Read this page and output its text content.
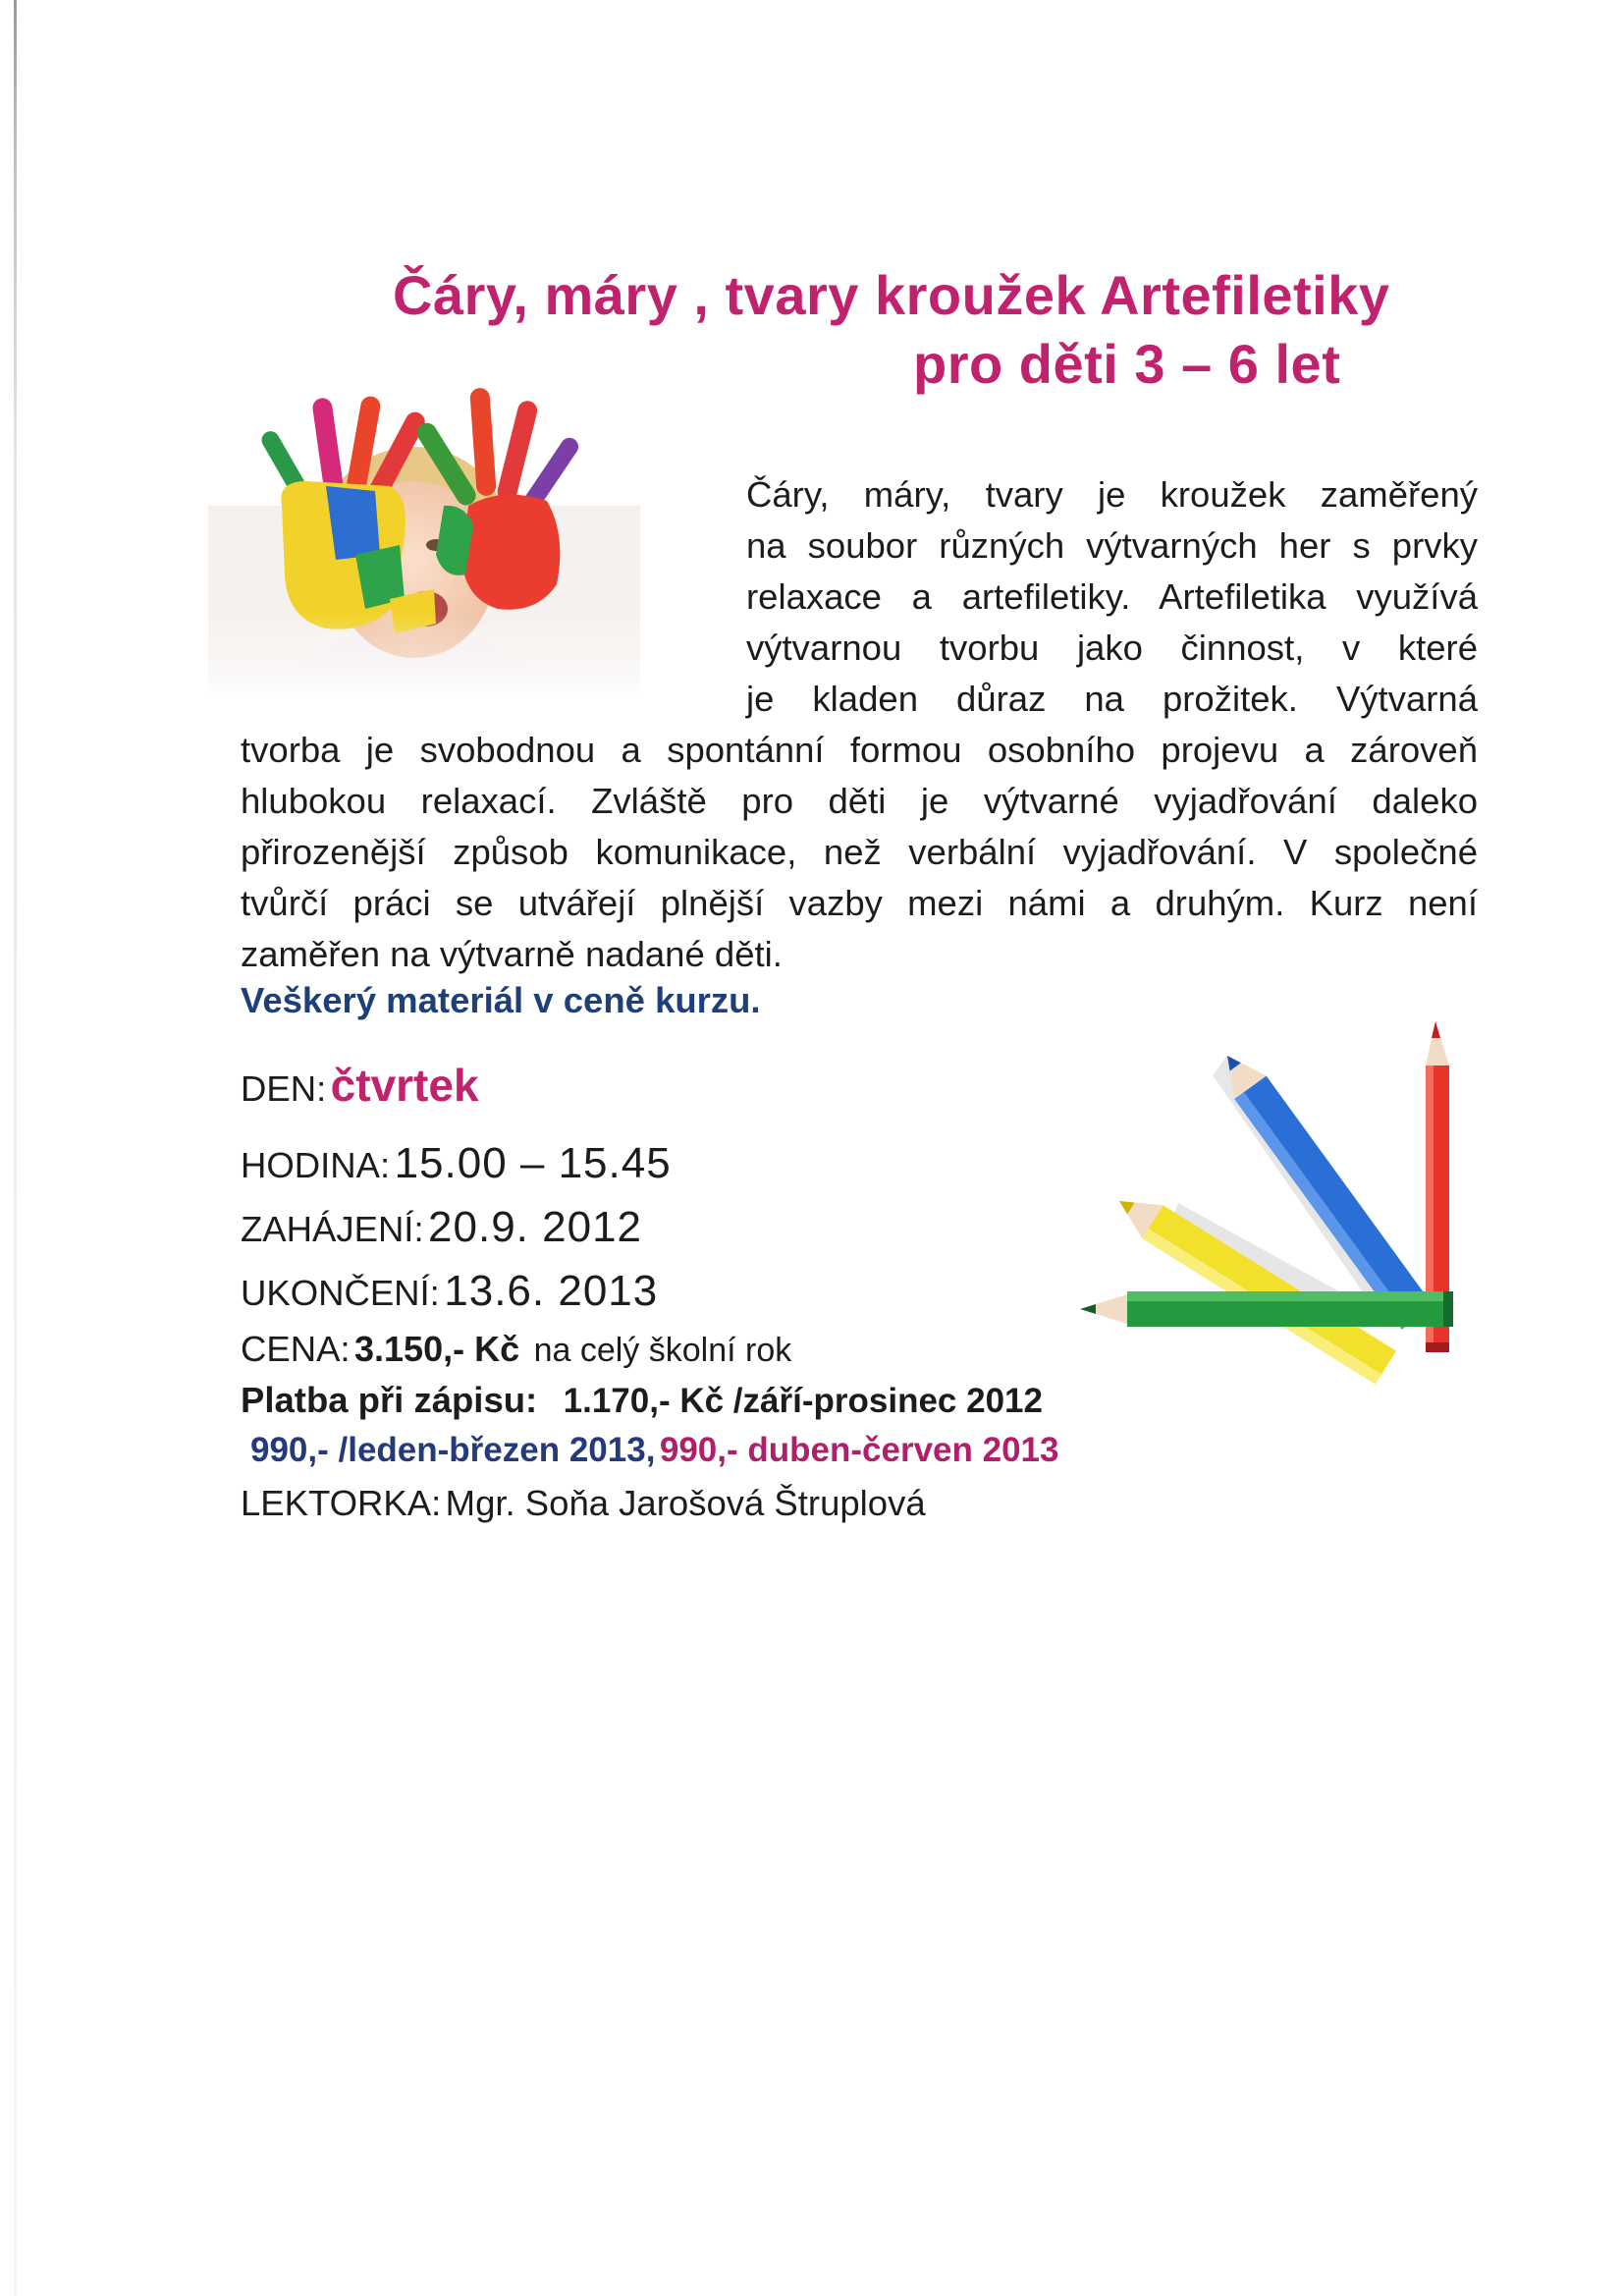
Čáry, máry , tvary kroužek Artefiletiky
pro děti 3 – 6 let
Čáry, máry, tvary je kroužek zaměřený
na soubor různých výtvarných her s prvky
relaxace a artefiletiky. Artefiletika využívá
výtvarnou tvorbu jako činnost, v které
je kladen důraz na prožitek. Výtvarná
tvorba je svobodnou a spontánní formou osobního projevu a zároveň
hlubokou relaxací. Zvláště pro děti je výtvarné vyjadřování daleko
přirozenější způsob komunikace, než verbální vyjadřování. V společné
tvůrčí práci se utvářejí plnější vazby mezi námi a druhým. Kurz není
zaměřen na výtvarně nadané děti.
Veškerý materiál v ceně kurzu.
DEN: čtvrtek
HODINA: 15.00 – 15.45
ZAHÁJENÍ: 20.9. 2012
UKONČENÍ: 13.6. 2013
CENA: 3.150,- Kč na celý školní rok
Platba při zápisu: 1.170,- Kč /září-prosinec 2012
990,- /leden-březen 2013, 990,- duben-červen 2013
LEKTORKA: Mgr. Soňa Jarošová Štruplová
